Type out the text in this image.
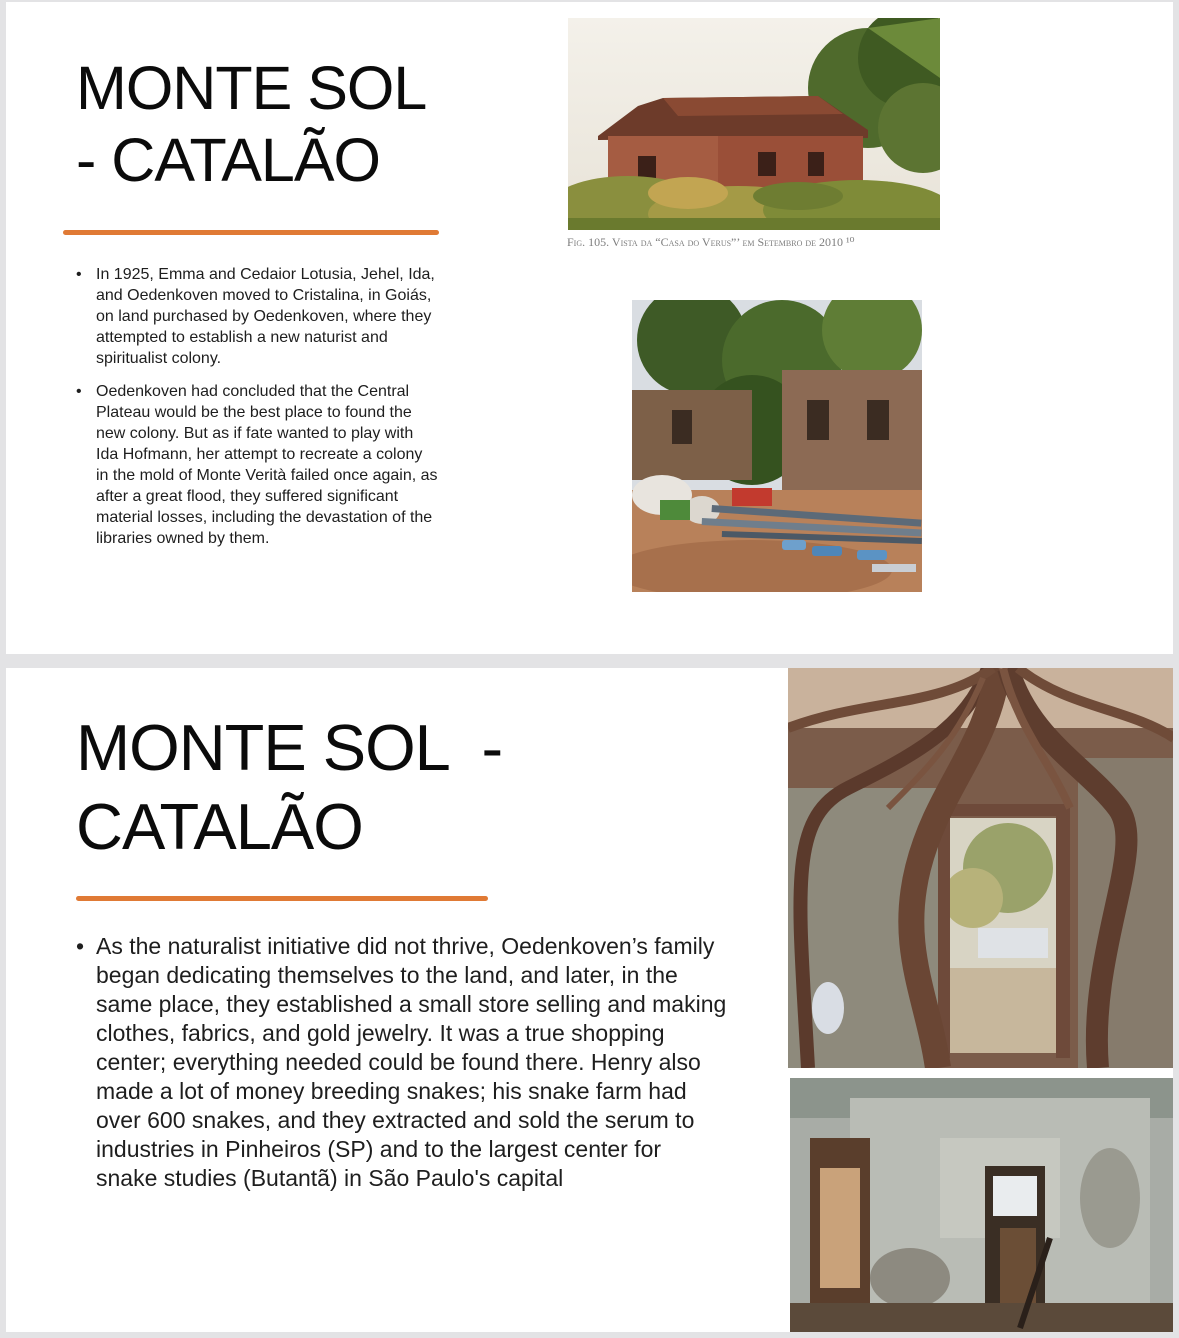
MONTE SOL
- CATALÃO
• In 1925, Emma and Cedaior Lotusia, Jehel, Ida, and Oedenkoven moved to Cristalina, in Goiás, on land purchased by Oedenkoven, where they attempted to establish a new naturist and spiritualist colony.
• Oedenkoven had concluded that the Central Plateau would be the best place to found the new colony. But as if fate wanted to play with Ida Hofmann, her attempt to recreate a colony in the mold of Monte Verità failed once again, as after a great flood, they suffered significant material losses, including the devastation of the libraries owned by them.
Fig. 105. Vista da “Casa do Verus”’ em Setembro de 2010 ¹⁰
MONTE SOL  -
CATALÃO
• As the naturalist initiative did not thrive, Oedenkoven’s family began dedicating themselves to the land, and later, in the same place, they established a small store selling and making clothes, fabrics, and gold jewelry. It was a true shopping center; everything needed could be found there. Henry also made a lot of money breeding snakes; his snake farm had over 600 snakes, and they extracted and sold the serum to industries in Pinheiros (SP) and to the largest center for snake studies (Butantã) in São Paulo's capital
